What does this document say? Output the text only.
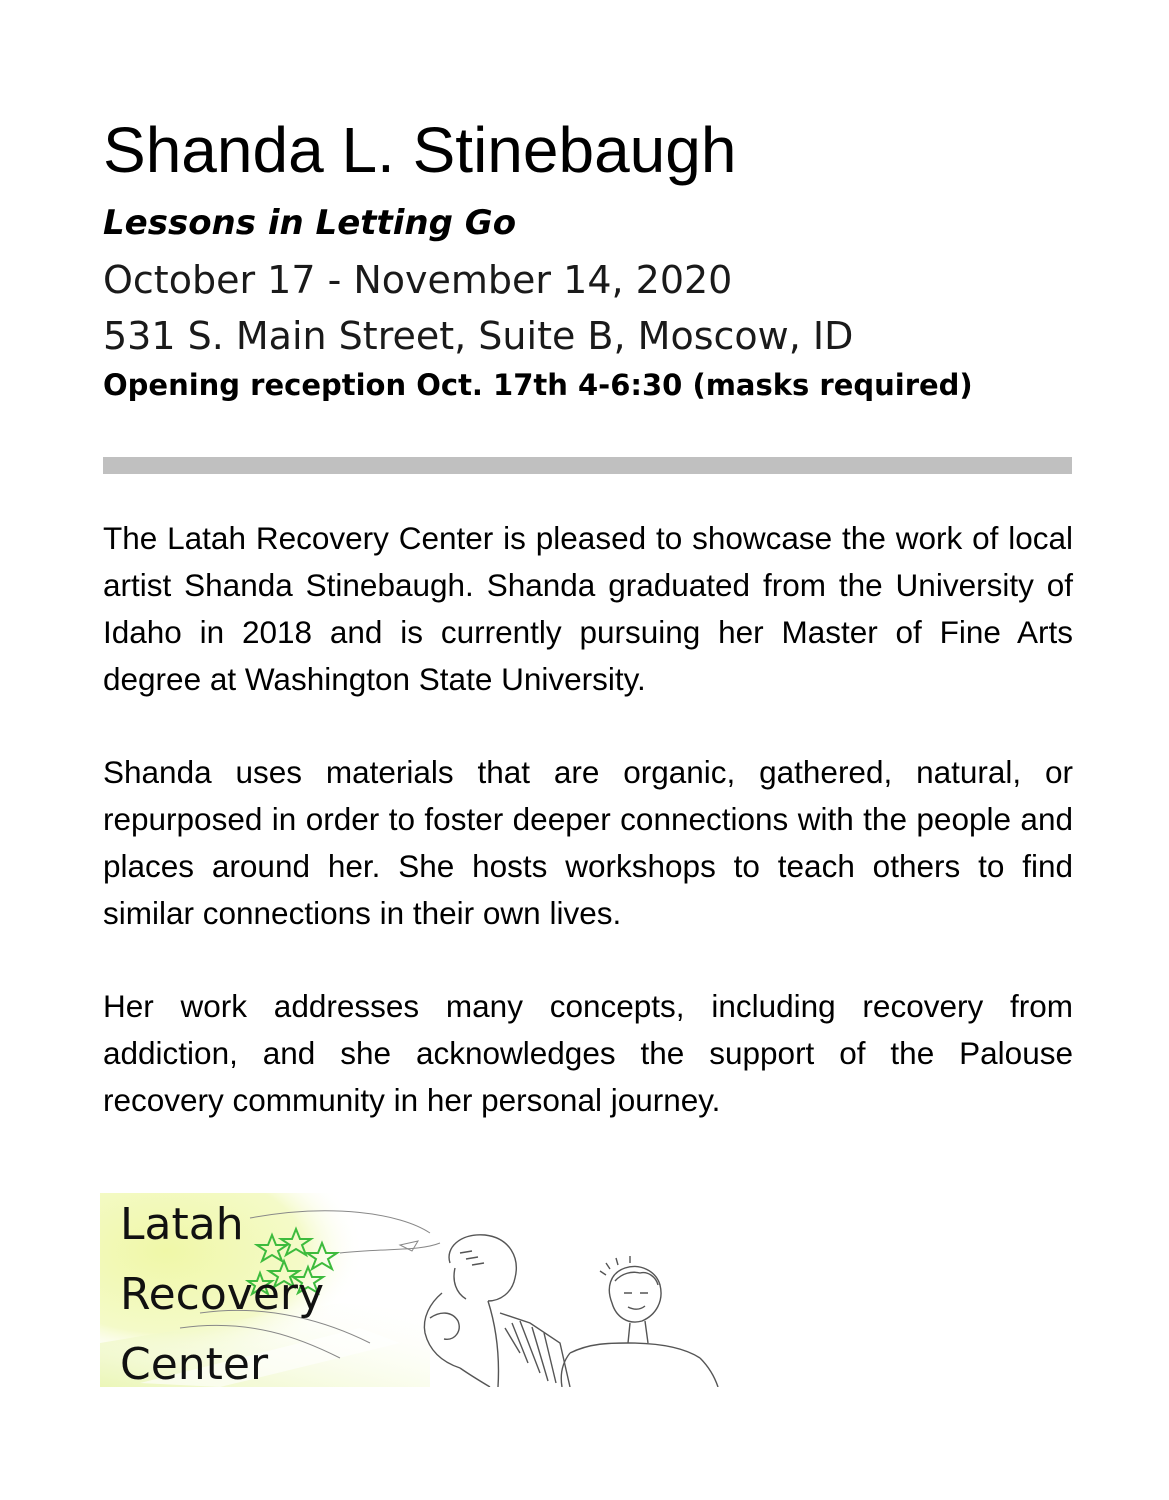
Shanda L. Stinebaugh
Lessons in Letting Go
October 17 - November 14, 2020
531 S. Main Street, Suite B, Moscow, ID
Opening reception Oct. 17th 4-6:30 (masks required)

The Latah Recovery Center is pleased to showcase the work of local artist Shanda Stinebaugh. Shanda graduated from the University of Idaho in 2018 and is currently pursuing her Master of Fine Arts degree at Washington State University.

Shanda uses materials that are organic, gathered, natural, or repurposed in order to foster deeper connections with the people and places around her. She hosts workshops to teach others to find similar connections in their own lives.

Her work addresses many concepts, including recovery from addiction, and she acknowledges the support of the Palouse recovery community in her personal journey.

Latah
Recovery
Center
